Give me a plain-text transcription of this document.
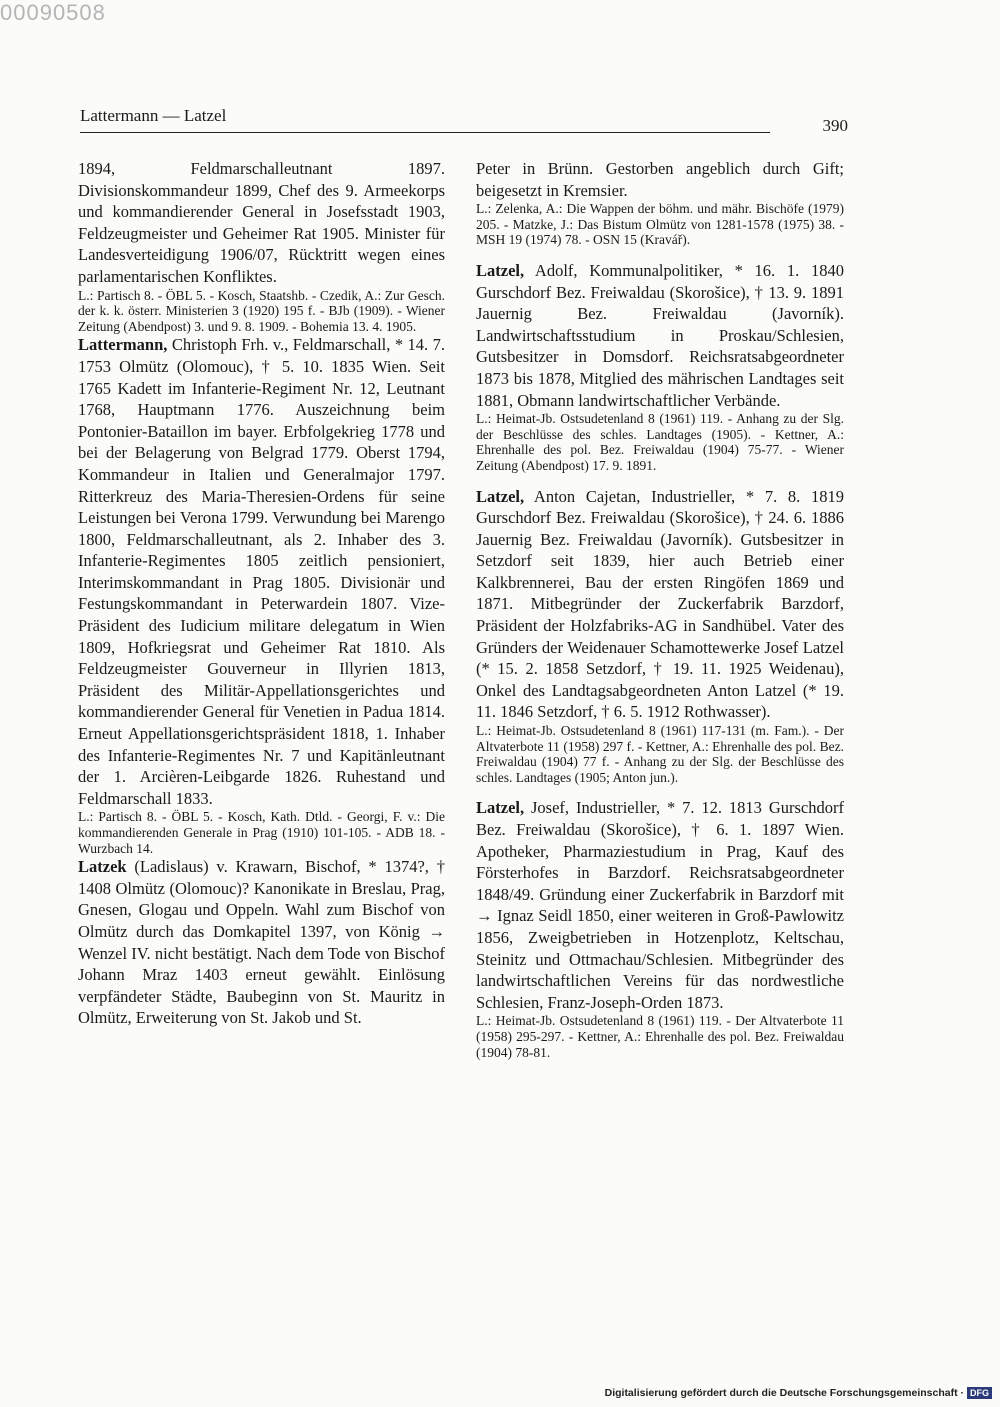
00090508
Lattermann — Latzel
390

1894, Feldmarschalleutnant 1897. Divisionskommandeur 1899, Chef des 9. Armeekorps und kommandierender General in Josefsstadt 1903, Feldzeugmeister und Geheimer Rat 1905. Minister für Landesverteidigung 1906/07, Rücktritt wegen eines parlamentarischen Konfliktes.

L.: Partisch 8. - ÖBL 5. - Kosch, Staatshb. - Czedik, A.: Zur Gesch. der k. k. österr. Ministerien 3 (1920) 195 f. - BJb (1909). - Wiener Zeitung (Abendpost) 3. und 9. 8. 1909. - Bohemia 13. 4. 1905.

Lattermann, Christoph Frh. v., Feldmarschall, * 14. 7. 1753 Olmütz (Olomouc), † 5. 10. 1835 Wien. Seit 1765 Kadett im Infanterie-Regiment Nr. 12, Leutnant 1768, Hauptmann 1776. Auszeichnung beim Pontonier-Bataillon im bayer. Erbfolgekrieg 1778 und bei der Belagerung von Belgrad 1779. Oberst 1794, Kommandeur in Italien und Generalmajor 1797. Ritterkreuz des Maria-Theresien-Ordens für seine Leistungen bei Verona 1799. Verwundung bei Marengo 1800, Feldmarschalleutnant, als 2. Inhaber des 3. Infanterie-Regimentes 1805 zeitlich pensioniert, Interimskommandant in Prag 1805. Divisionär und Festungskommandant in Peterwardein 1807. Vize-Präsident des Iudicium militare delegatum in Wien 1809, Hofkriegsrat und Geheimer Rat 1810. Als Feldzeugmeister Gouverneur in Illyrien 1813, Präsident des Militär-Appellationsgerichtes und kommandierender General für Venetien in Padua 1814. Erneut Appellationsgerichtspräsident 1818, 1. Inhaber des Infanterie-Regimentes Nr. 7 und Kapitänleutnant der 1. Arcièren-Leibgarde 1826. Ruhestand und Feldmarschall 1833.

L.: Partisch 8. - ÖBL 5. - Kosch, Kath. Dtld. - Georgi, F. v.: Die kommandierenden Generale in Prag (1910) 101-105. - ADB 18. - Wurzbach 14.

Latzek (Ladislaus) v. Krawarn, Bischof, * 1374?, † 1408 Olmütz (Olomouc)? Kanonikate in Breslau, Prag, Gnesen, Glogau und Oppeln. Wahl zum Bischof von Olmütz durch das Domkapitel 1397, von König → Wenzel IV. nicht bestätigt. Nach dem Tode von Bischof Johann Mraz 1403 erneut gewählt. Einlösung verpfändeter Städte, Baubeginn von St. Mauritz in Olmütz, Erweiterung von St. Jakob und St.

Peter in Brünn. Gestorben angeblich durch Gift; beigesetzt in Kremsier.

L.: Zelenka, A.: Die Wappen der böhm. und mähr. Bischöfe (1979) 205. - Matzke, J.: Das Bistum Olmütz von 1281-1578 (1975) 38. - MSH 19 (1974) 78. - OSN 15 (Kravář).

Latzel, Adolf, Kommunalpolitiker, * 16. 1. 1840 Gurschdorf Bez. Freiwaldau (Skorošice), † 13. 9. 1891 Jauernig Bez. Freiwaldau (Javorník). Landwirtschaftsstudium in Proskau/Schlesien, Gutsbesitzer in Domsdorf. Reichsratsabgeordneter 1873 bis 1878, Mitglied des mährischen Landtages seit 1881, Obmann landwirtschaftlicher Verbände.

L.: Heimat-Jb. Ostsudetenland 8 (1961) 119. - Anhang zu der Slg. der Beschlüsse des schles. Landtages (1905). - Kettner, A.: Ehrenhalle des pol. Bez. Freiwaldau (1904) 75-77. - Wiener Zeitung (Abendpost) 17. 9. 1891.

Latzel, Anton Cajetan, Industrieller, * 7. 8. 1819 Gurschdorf Bez. Freiwaldau (Skorošice), † 24. 6. 1886 Jauernig Bez. Freiwaldau (Javorník). Gutsbesitzer in Setzdorf seit 1839, hier auch Betrieb einer Kalkbrennerei, Bau der ersten Ringöfen 1869 und 1871. Mitbegründer der Zuckerfabrik Barzdorf, Präsident der Holzfabriks-AG in Sandhübel. Vater des Gründers der Weidenauer Schamottewerke Josef Latzel (* 15. 2. 1858 Setzdorf, † 19. 11. 1925 Weidenau), Onkel des Landtagsabgeordneten Anton Latzel (* 19. 11. 1846 Setzdorf, † 6. 5. 1912 Rothwasser).

L.: Heimat-Jb. Ostsudetenland 8 (1961) 117-131 (m. Fam.). - Der Altvaterbote 11 (1958) 297 f. - Kettner, A.: Ehrenhalle des pol. Bez. Freiwaldau (1904) 77 f. - Anhang zu der Slg. der Beschlüsse des schles. Landtages (1905; Anton jun.).

Latzel, Josef, Industrieller, * 7. 12. 1813 Gurschdorf Bez. Freiwaldau (Skorošice), † 6. 1. 1897 Wien. Apotheker, Pharmaziestudium in Prag, Kauf des Försterhofes in Barzdorf. Reichsratsabgeordneter 1848/49. Gründung einer Zuckerfabrik in Barzdorf mit → Ignaz Seidl 1850, einer weiteren in Groß-Pawlowitz 1856, Zweigbetrieben in Hotzenplotz, Keltschau, Steinitz und Ottmachau/Schlesien. Mitbegründer des landwirtschaftlichen Vereins für das nordwestliche Schlesien, Franz-Joseph-Orden 1873.

L.: Heimat-Jb. Ostsudetenland 8 (1961) 119. - Der Altvaterbote 11 (1958) 295-297. - Kettner, A.: Ehrenhalle des pol. Bez. Freiwaldau (1904) 78-81.

Digitalisierung gefördert durch die Deutsche Forschungsgemeinschaft · DFG
